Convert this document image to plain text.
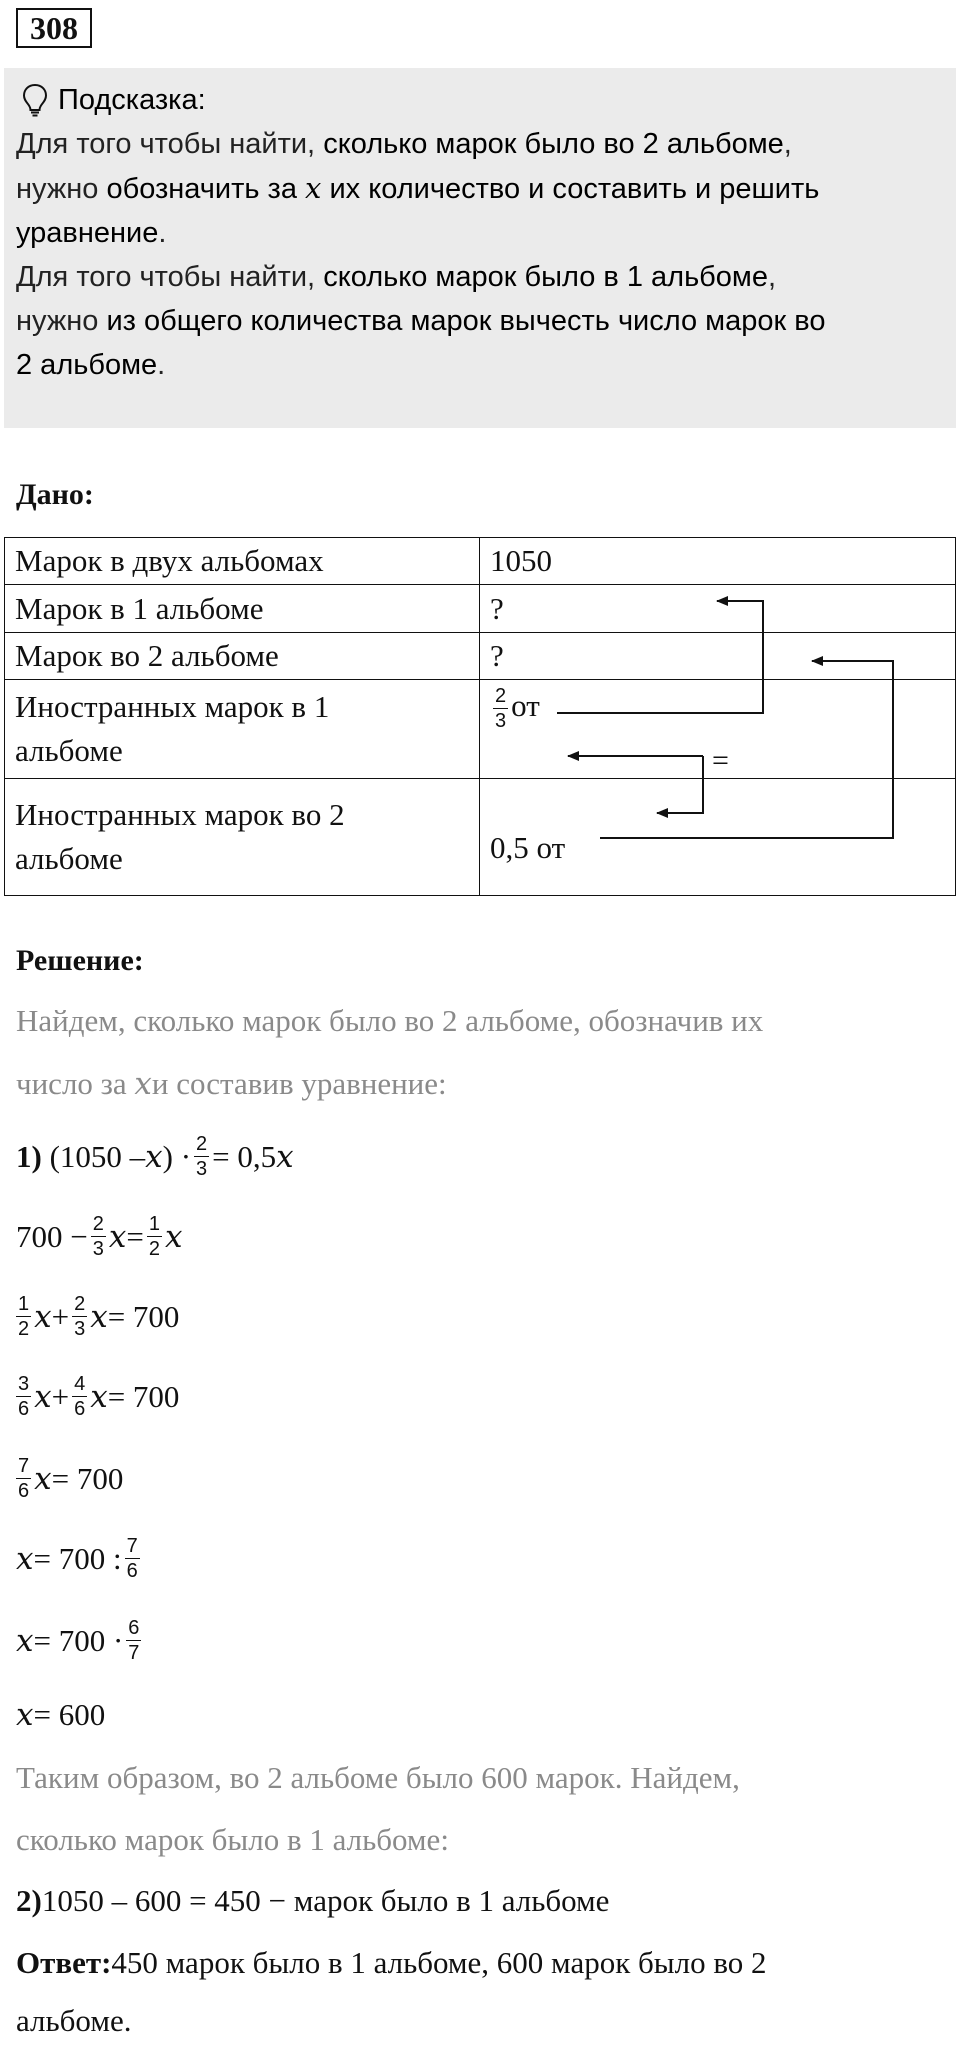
308
Подсказка:

Для того чтобы найти, сколько марок было во 2 альбоме,
нужно обозначить за x их количество и составить и решить
уравнение.

Для того чтобы найти, сколько марок было в 1 альбоме,
нужно из общего количества марок вычесть число марок во
2 альбоме.

Дано:
Марок в двух альбомах	1050
Марок в 1 альбоме	?
Марок во 2 альбоме	?
Иностранных марок в 1
альбоме	$\frac{2}{3}$ от
Иностранных марок во 2
альбоме	0,5 от
=
Решение:
Найдем, сколько марок было во 2 альбоме, обозначив их
число за
x и составив уравнение:
1)
(1050 – x ) · $\frac{2}{3} = 0,5$ x
$700 - \frac{2}{3}$ $x = \frac{1}{2}$ x
$\frac{1}{2}$ $x + \frac{2}{3}$ x = 700
$\frac{3}{6}$ $x + \frac{4}{6}$ x = 700
$\frac{7}{6}$ x = 700
x = 700 : $\frac{7}{6}$
$x = 700 \cdot \frac{6}{7}$
x = 600
Таким образом, во 2 альбоме было 600 марок. Найдем,
сколько марок было в 1 альбоме:
2) 1050 – 600 = 450 − марок было в 1 альбоме
Ответ: 450 марок было в 1 альбоме, 600 марок было во 2
альбоме.
